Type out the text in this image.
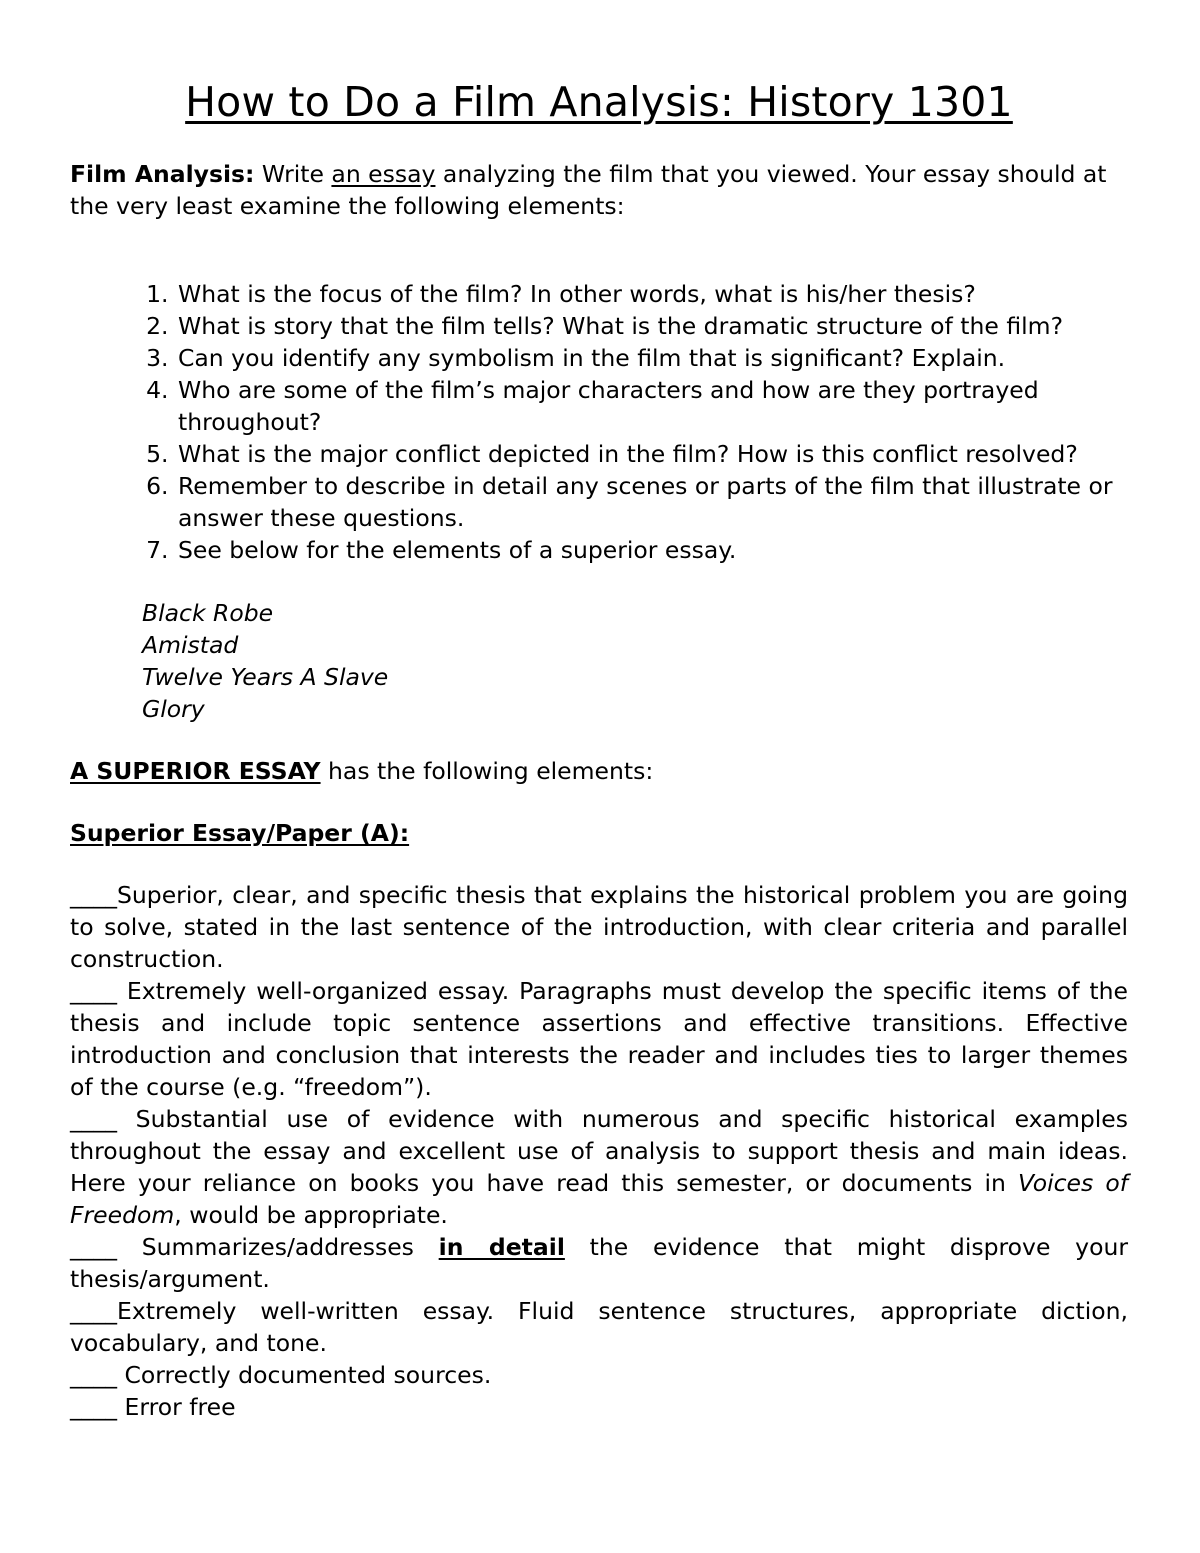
How to Do a Film Analysis: History 1301

Film Analysis: Write an essay analyzing the film that you viewed. Your essay should at the very least examine the following elements:

1. What is the focus of the film? In other words, what is his/her thesis?
2. What is story that the film tells? What is the dramatic structure of the film?
3. Can you identify any symbolism in the film that is significant? Explain.
4. Who are some of the film’s major characters and how are they portrayed throughout?
5. What is the major conflict depicted in the film? How is this conflict resolved?
6. Remember to describe in detail any scenes or parts of the film that illustrate or answer these questions.
7. See below for the elements of a superior essay.
Black Robe
Amistad
Twelve Years A Slave
Glory

A SUPERIOR ESSAY has the following elements:

Superior Essay/Paper (A):

____Superior, clear, and specific thesis that explains the historical problem you are going to solve, stated in the last sentence of the introduction, with clear criteria and parallel construction.
____ Extremely well-organized essay. Paragraphs must develop the specific items of the thesis and include topic sentence assertions and effective transitions. Effective introduction and conclusion that interests the reader and includes ties to larger themes of the course (e.g. “freedom”).
____ Substantial use of evidence with numerous and specific historical examples throughout the essay and excellent use of analysis to support thesis and main ideas. Here your reliance on books you have read this semester, or documents in Voices of Freedom, would be appropriate.
____ Summarizes/addresses in detail the evidence that might disprove your thesis/argument.
____Extremely well-written essay. Fluid sentence structures, appropriate diction, vocabulary, and tone.
____ Correctly documented sources.
____ Error free
